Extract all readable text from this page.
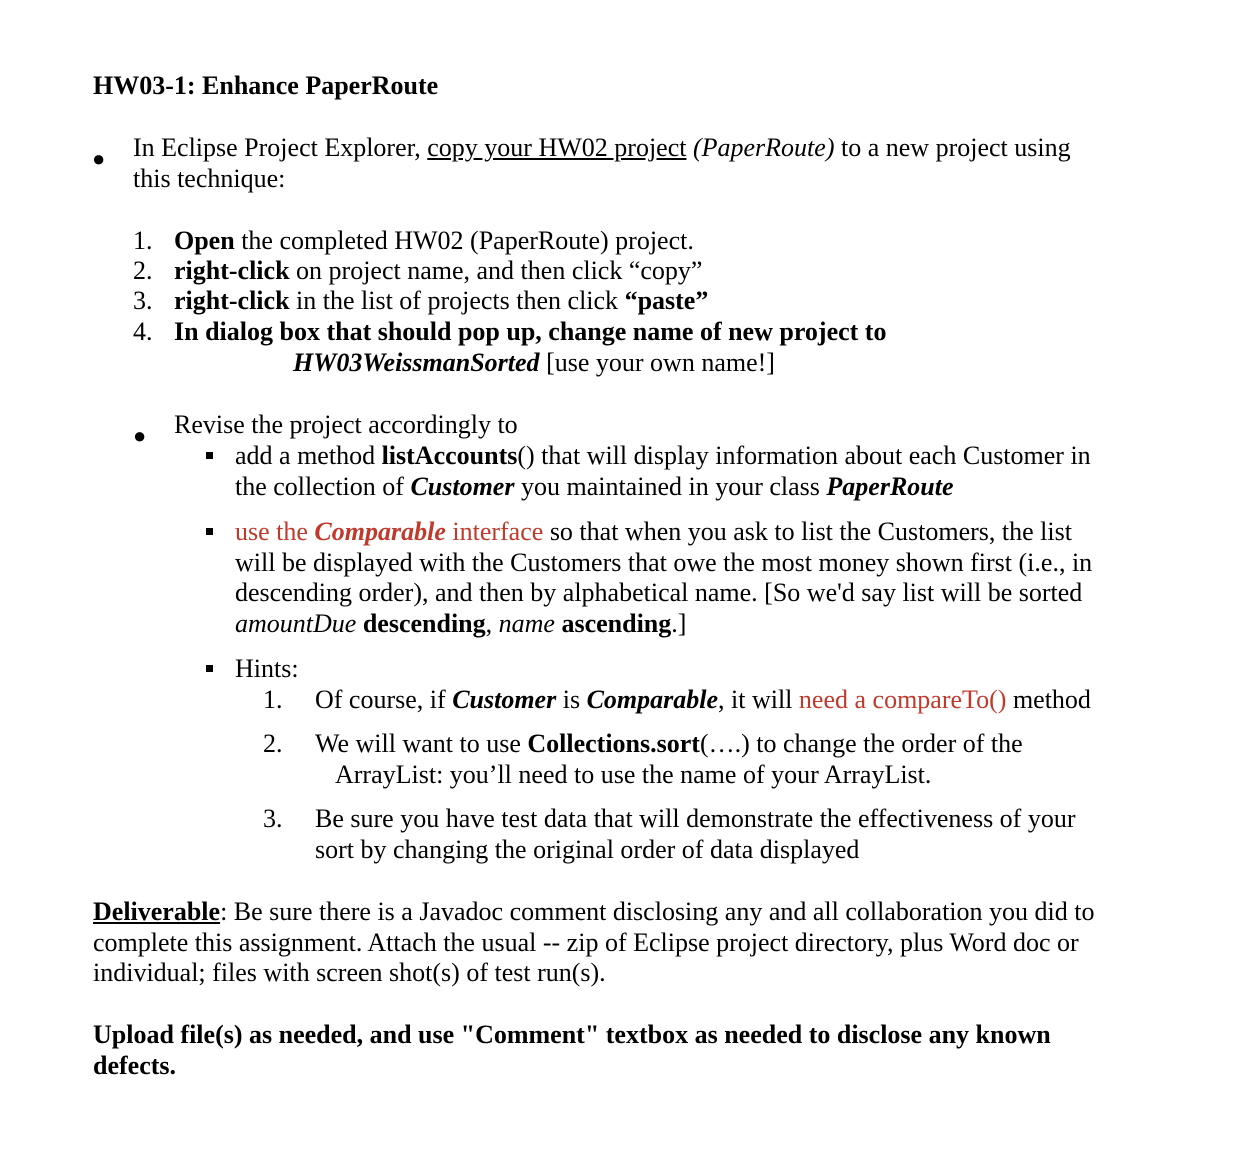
HW03-1: Enhance PaperRoute
● In Eclipse Project Explorer, copy your HW02 project (PaperRoute) to a new project using
this technique:
1. Open the completed HW02 (PaperRoute) project.
2. right-click on project name, and then click “copy”
3. right-click in the list of projects then click “paste”
4. In dialog box that should pop up, change name of new project to
HW03WeissmanSorted [use your own name!]
● Revise the project accordingly to
add a method listAccounts() that will display information about each Customer in
the collection of Customer you maintained in your class PaperRoute
use the Comparable interface so that when you ask to list the Customers, the list
will be displayed with the Customers that owe the most money shown first (i.e., in
descending order), and then by alphabetical name. [So we'd say list will be sorted
amountDue descending, name ascending.]
Hints:
1. Of course, if Customer is Comparable, it will need a compareTo() method
2. We will want to use Collections.sort(….) to change the order of the
ArrayList: you’ll need to use the name of your ArrayList.
3. Be sure you have test data that will demonstrate the effectiveness of your
sort by changing the original order of data displayed
Deliverable: Be sure there is a Javadoc comment disclosing any and all collaboration you did to
complete this assignment. Attach the usual -- zip of Eclipse project directory, plus Word doc or
individual; files with screen shot(s) of test run(s).
Upload file(s) as needed, and use "Comment" textbox as needed to disclose any known
defects.
